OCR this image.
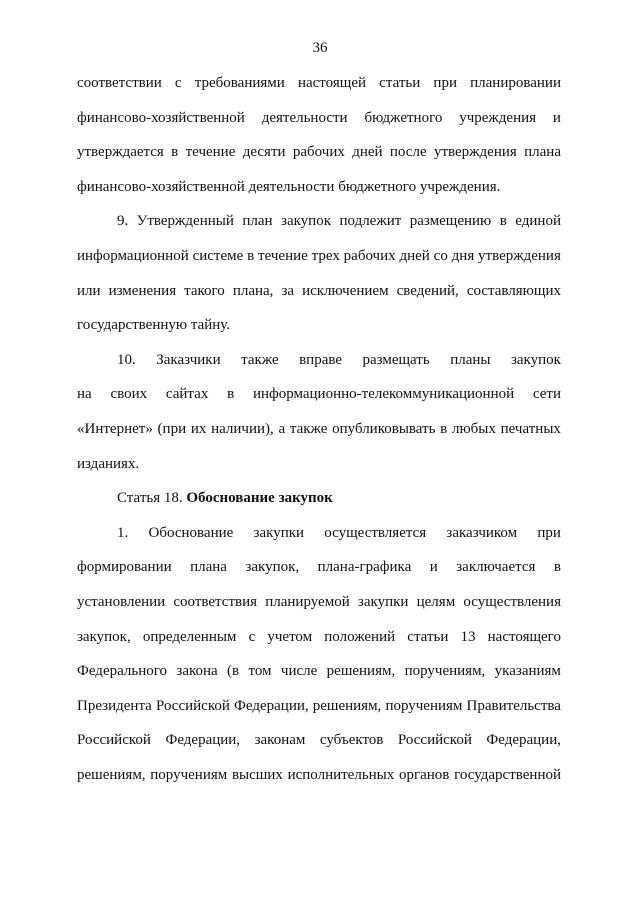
36
соответствии с требованиями настоящей статьи при планировании
финансово-хозяйственной деятельности бюджетного учреждения и
утверждается в течение десяти рабочих дней после утверждения плана
финансово-хозяйственной деятельности бюджетного учреждения.
9. Утвержденный план закупок подлежит размещению в единой
информационной системе в течение трех рабочих дней со дня утверждения
или изменения такого плана, за исключением сведений, составляющих
государственную тайну.
10. Заказчики также вправе размещать планы закупок
на своих сайтах в информационно-телекоммуникационной сети
«Интернет» (при их наличии), а также опубликовывать в любых печатных
изданиях.
Статья 18. Обоснование закупок
1. Обоснование закупки осуществляется заказчиком при
формировании плана закупок, плана-графика и заключается в
установлении соответствия планируемой закупки целям осуществления
закупок, определенным с учетом положений статьи 13 настоящего
Федерального закона (в том числе решениям, поручениям, указаниям
Президента Российской Федерации, решениям, поручениям Правительства
Российской Федерации, законам субъектов Российской Федерации,
решениям, поручениям высших исполнительных органов государственной
